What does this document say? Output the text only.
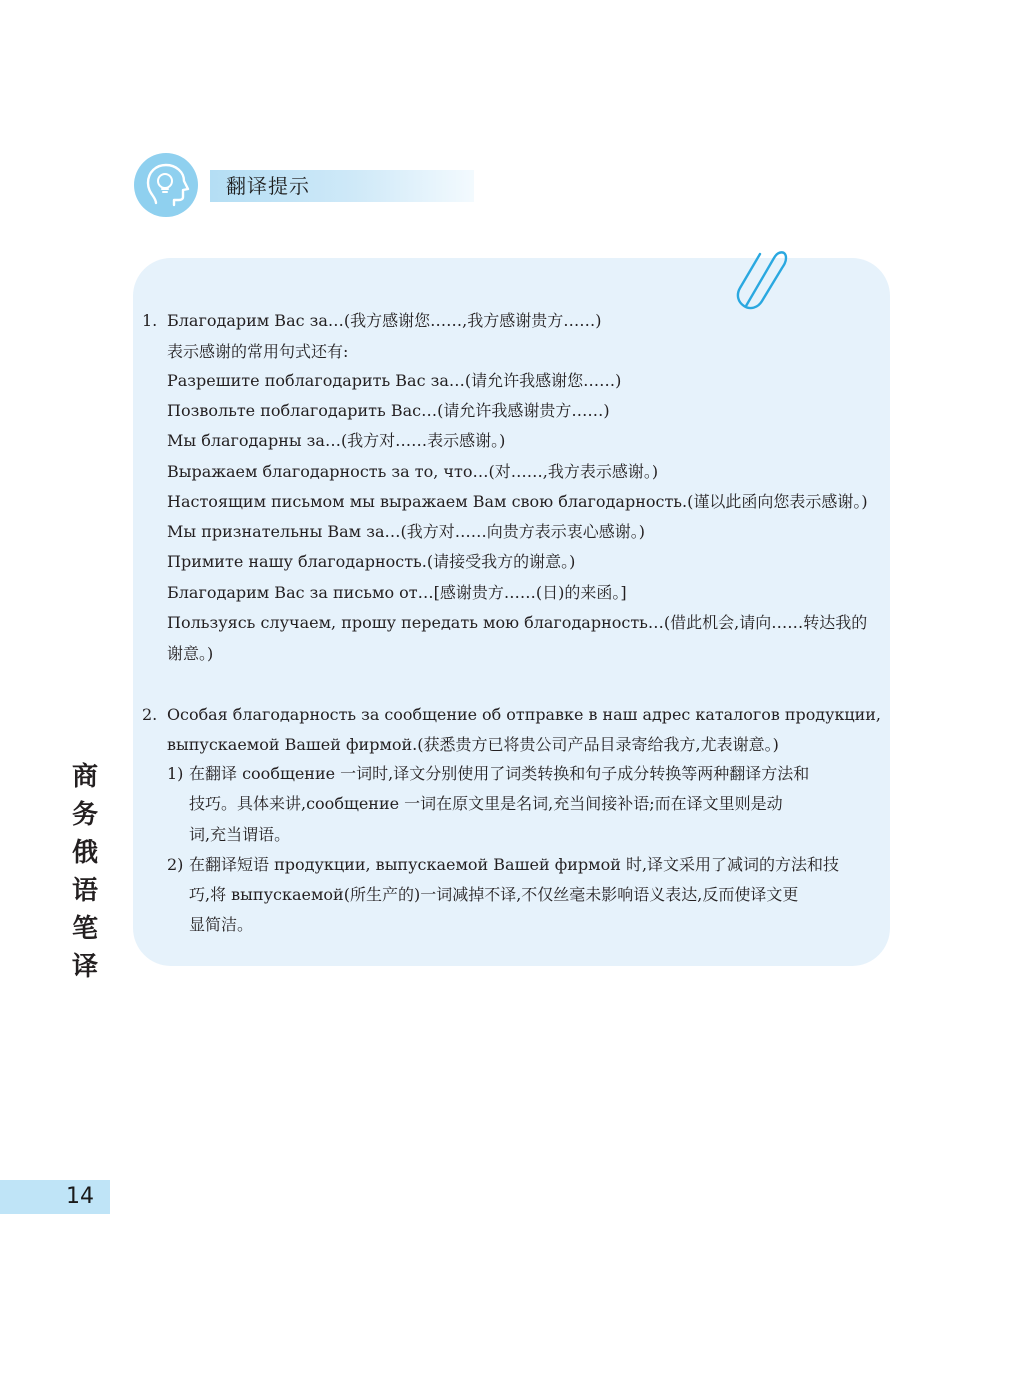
翻译提示
1. Благодарим Вас за…(我方感谢您……,我方感谢贵方……)
表示感谢的常用句式还有:
Разрешите поблагодарить Вас за…(请允许我感谢您……)
Позвольте поблагодарить Вас…(请允许我感谢贵方……)
Мы благодарны за…(我方对……表示感谢。)
Выражаем благодарность за то, что…(对……,我方表示感谢。)
Настоящим письмом мы выражаем Вам свою благодарность.(谨以此函向您表示感谢。)
Мы признательны Вам за…(我方对……向贵方表示衷心感谢。)
Примите нашу благодарность.(请接受我方的谢意。)
Благодарим Вас за письмо от…[感谢贵方……(日)的来函。]
Пользуясь случаем, прошу передать мою благодарность…(借此机会,请向……转达我的
谢意。)
2. Особая благодарность за сообщение об отправке в наш адрес каталогов продукции,
выпускаемой Вашей фирмой.(获悉贵方已将贵公司产品目录寄给我方,尤表谢意。)
1) 在翻译 сообщение 一词时,译文分别使用了词类转换和句子成分转换等两种翻译方法和
技巧。具体来讲,сообщение 一词在原文里是名词,充当间接补语;而在译文里则是动
词,充当谓语。
2) 在翻译短语 продукции, выпускаемой Вашей фирмой 时,译文采用了减词的方法和技
巧,将 выпускаемой(所生产的)一词减掉不译,不仅丝毫未影响语义表达,反而使译文更
显简洁。
商
务
俄
语
笔
译
14
